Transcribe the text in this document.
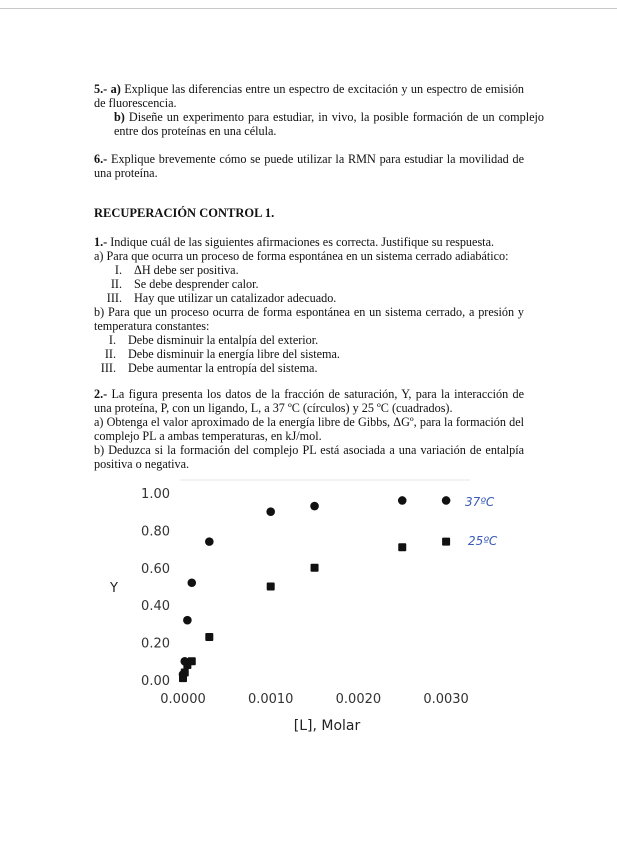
5.- a) Explique las diferencias entre un espectro de excitación y un espectro de emisión de fluorescencia.

b) Diseñe un experimento para estudiar, in vivo, la posible formación de un complejo entre dos proteínas en una célula.

6.- Explique brevemente cómo se puede utilizar la RMN para estudiar la movilidad de una proteína.

RECUPERACIÓN CONTROL 1.

1.- Indique cuál de las siguientes afirmaciones es correcta. Justifique su respuesta.

a) Para que ocurra un proceso de forma espontánea en un sistema cerrado adiabático:

I. ΔH debe ser positiva.
II. Se debe desprender calor.
III. Hay que utilizar un catalizador adecuado.

b) Para que un proceso ocurra de forma espontánea en un sistema cerrado, a presión y temperatura constantes:

I. Debe disminuir la entalpía del exterior.
II. Debe disminuir la energía libre del sistema.
III. Debe aumentar la entropía del sistema.

2.- La figura presenta los datos de la fracción de saturación, Y, para la interacción de una proteína, P, con un ligando, L, a 37 ºC (círculos) y 25 ºC (cuadrados).

a) Obtenga el valor aproximado de la energía libre de Gibbs, ΔGº, para la formación del complejo PL a ambas temperaturas, en kJ/mol.

b) Deduzca si la formación del complejo PL está asociada a una variación de entalpía positiva o negativa.

0.00
0.20
0.40
0.60
0.80
1.00
0.0000	0.0010	0.0020	0.0030
Y
[L], Molar
37ºC
25ºC
